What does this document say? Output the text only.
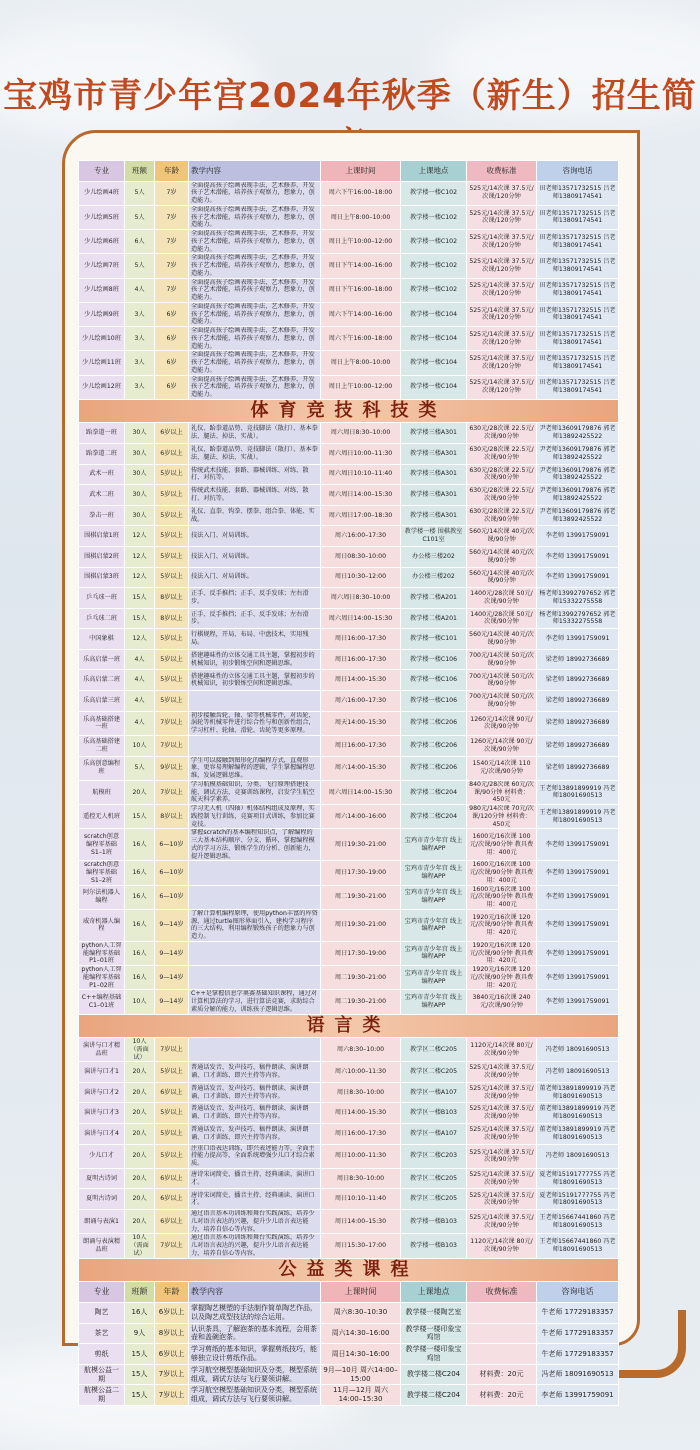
宝鸡市青少年宫2024年秋季（新生）招生简
专业	班额	年龄	教学内容	上课时间	上课地点	收费标准	咨询电话
少儿绘画4班	5人	7岁	全面提高孩子绘画表现手法，艺术修养，开发孩子艺术潜能，培养孩子观察力，想象力，创造能力。	周六下午16:00–18:00	教学楼一楼C102	525元/14次课 37.5元/次课/120分钟	田老师13571732515 吕老师13809174541
少儿绘画5班	5人	7岁	全面提高孩子绘画表现手法，艺术修养，开发孩子艺术潜能，培养孩子观察力，想象力，创造能力。	周日上午8:00–10:00	教学楼一楼C102	525元/14次课 37.5元/次课/120分钟	田老师13571732515 吕老师13809174541
少儿绘画6班	6人	7岁	全面提高孩子绘画表现手法，艺术修养，开发孩子艺术潜能，培养孩子观察力，想象力，创造能力。	周日上午10:00–12:00	教学楼一楼C102	525元/14次课 37.5元/次课/120分钟	田老师13571732515 吕老师13809174541
少儿绘画7班	5人	7岁	全面提高孩子绘画表现手法，艺术修养，开发孩子艺术潜能，培养孩子观察力，想象力，创造能力。	周日下午14:00–16:00	教学楼一楼C102	525元/14次课 37.5元/次课/120分钟	田老师13571732515 吕老师13809174541
少儿绘画8班	4人	7岁	全面提高孩子绘画表现手法，艺术修养，开发孩子艺术潜能，培养孩子观察力，想象力，创造能力。	周日下午16:00–18:00	教学楼一楼C102	525元/14次课 37.5元/次课/120分钟	田老师13571732515 吕老师13809174541
少儿绘画9班	3人	6岁	全面提高孩子绘画表现手法，艺术修养，开发孩子艺术潜能，培养孩子观察力，想象力，创造能力。	周六下午14:00–16:00	教学楼一楼C104	525元/14次课 37.5元/次课/120分钟	田老师13571732515 吕老师13809174541
少儿绘画10班	3人	6岁	全面提高孩子绘画表现手法，艺术修养，开发孩子艺术潜能，培养孩子观察力，想象力，创造能力。	周六下午16:00–18:00	教学楼一楼C104	525元/14次课 37.5元/次课/120分钟	田老师13571732515 吕老师13809174541
少儿绘画11班	3人	6岁	全面提高孩子绘画表现手法，艺术修养，开发孩子艺术潜能，培养孩子观察力，想象力，创造能力。	周日上午8:00–10:00	教学楼一楼C104	525元/14次课 37.5元/次课/120分钟	田老师13571732515 吕老师13809174541
少儿绘画12班	3人	6岁	全面提高孩子绘画表现手法，艺术修养，开发孩子艺术潜能，培养孩子观察力，想象力，创造能力。	周日上午10:00–12:00	教学楼一楼C104	525元/14次课 37.5元/次课/120分钟	田老师13571732515 吕老师13809174541
体育竞技科技类							
跆拳道一班	30人	6岁以上	礼仪、跆拳道品势、竞技脚法（散打）、基本拳法、腿法、掉法、实战）。	周六周日8:30–10:00	教学楼三楼A301	630元/28次课 22.5元/次课/90分钟	尹老师13609179876 郭老师13892425522
跆拳道二班	30人	6岁以上	礼仪、跆拳道品势、竞技脚法（散打）、基本拳法、腿法、掉法、实战）。	周六周日10:00–11:30	教学楼三楼A301	630元/28次课 22.5元/次课/90分钟	尹老师13609179876 郭老师13892425522
武术一班	30人	5岁以上	传统武术技能、套路、器械训练、对练、散打、对抗等。	周六周日10:10–11:40	教学楼三楼A301	630元/28次课 22.5元/次课/90分钟	尹老师13609179876 郭老师13892425522
武术二班	30人	5岁以上	传统武术技能、套路、器械训练、对练、散打、对抗等。	周六周日14:00–15:30	教学楼三楼A301	630元/28次课 22.5元/次课/90分钟	尹老师13609179876 郭老师13892425522
拳击一班	30人	5岁以上	礼仪、直拳、钩拳、摆拳、组合拳、体能、实战。	周六周日17:00–18:30	教学楼三楼A301	630元/28次课 22.5元/次课/90分钟	尹老师13609179876 郭老师13892425522
围棋启蒙1班	12人	5岁以上	技法入门、对局训练。	周六16:00–17:30	教学楼一楼 围棋教室C101室	560元/14次课 40元/次课/90分钟	李老师 13991759091
围棋启蒙2班	12人	5岁以上	技法入门、对局训练。	周日08:30–10:00	办公楼三楼202	560元/14次课 40元/次课/90分钟	李老师 13991759091
围棋启蒙3班	12人	5岁以上	技法入门、对局训练。	周日10:30–12:00	办公楼三楼202	560元/14次课 40元/次课/90分钟	李老师 13991759091
乒乓球一班	15人	8岁以上	正手、反手推挡；正手、反手发球；左右滑步。	周六周日8:30–10:00	教学楼二楼A201	1400元/28次课 50元/次课/90分钟	杨老师13992797652 郭老师15332275558
乒乓球二班	15人	8岁以上	正手、反手推挡；正手、反手发球；左右滑步。	周六周日14:00–15:30	教学楼二楼A201	1400元/28次课 50元/次课/90分钟	杨老师13992797652 郭老师15332275558
中国象棋	12人	5岁以上	行棋规程，开局、布局、中盘技术，实用残局。	周日16:00–17:30	教学楼一楼C101	560元/14次课 40元/次课/90分钟	李老师 13991759091
乐高启蒙一班	4人	5岁以上	搭建趣味性的立体交通工具主题，掌握初步的机械知识，初步锻炼空间和逻辑思维。	周日16:00–17:30	教学楼一楼C106	700元/14次课 50元/次课/90分钟	梁老师 18992736689
乐高启蒙二班	4人	5岁以上	搭建趣味性的立体交通工具主题，掌握初步的机械知识，初步锻炼空间和逻辑思维。	周日14:00–15:30	教学楼一楼C106	700元/14次课 50元/次课/90分钟	梁老师 18992736689
乐高启蒙三班	4人	5岁以上		周六16:00–17:30	教学楼一楼C106	700元/14次课 50元/次课/90分钟	梁老师 18992736689
乐高基础搭建一班	4人	7岁以上	初步接触齿轮、轴、梁等机械零件，对齿轮、涡轮等机械零件进行综合性与和创新性组合，学习杠杆、轮轴、滑轮、齿轮等更多原理。	周天14:00–15:30	教学楼二楼C206	1260元/14次课 90元/次课/90分钟	梁老师 18992736689
乐高基础搭建二班	10人	7岁以上		周日16:00–17:30	教学楼二楼C206	1260元/14次课 90元/次课/90分钟	梁老师 18992736689
乐高创意编程班	5人	9岁以上	学生可以接触到图形化的编程方式，直观形象，更容易理解编程的逻辑，学生掌握编程思维，发展逻辑思维。	周六14:00–15:30	教学楼二楼C206	1540元/14次课 110元/次课/90分钟	梁老师 18992736689
航模班	20人	7岁以上	学习航模基础知识，分类、飞行原理搭建技能，调试方法，竞赛训练课程，启发学生航空航天科学素养。	周六周日14:00–15:30	教学楼二楼C204	840元/28次课 60元/次课/90分钟 材料费：450元	王老师13891899919 冯老师18091690513
遥控无人机班	15人	8岁以上	学习无人机（四轴）机体结构组成及原理，实践控制飞行训练，竞赛项目式训练，参加比赛竞技。	周六14:00–16:00	教学楼二楼C204	980元/14次课 70元/次课/120分钟 材料费：450元	王老师13891899919 冯老师18091690513
scratch创意编程零基础S1–1班	16人	6—10岁	掌握scratch的基本编程知识点，了解编程的三大基本结构顺序、分支、循环，掌握编程模式的学习方法，锻炼学生的分析、创新能力，提升逻辑思维。	周日19:30–21:00	宝鸡市青少年宫 线上编程APP	1600元/16次课 100元/次课/90分钟 教具费用：400元	李老师 13991759091
scratch创意编程零基础S1–2班	16人	6—10岁		周日17:30–19:00	宝鸡市青少年宫 线上编程APP	1600元/16次课 100元/次课/90分钟 教具费用：400元	李老师 13991759091
阿尔法机器人编程	16人	6—10岁		周二19:30–21:00	宝鸡市青少年宫 线上编程APP	1600元/16次课 100元/次课/90分钟 教具费用：400元	李老师 13991759091
威奇机器人编程	16人	9—14岁	了解计算机编程原理，使用python丰富的库资源，通过turtle图形界面引入，建构学习程序的三大结构，利用编程锻炼孩子的想象力与创造力。	周日19:30–21:00	宝鸡市青少年宫 线上编程APP	1920元/16次课 120元/次课/90分钟 教具费用：420元	李老师 13991759091
python人工智能编程零基础P1–01班	16人	9—14岁		周日17:30–19:00	宝鸡市青少年宫 线上编程APP	1920元/16次课 120元/次课/90分钟 教具费用：420元	李老师 13991759091
python人工智能编程零基础P1–02班	16人	9—14岁		周二19:30–21:00	宝鸡市青少年宫 线上编程APP	1920元/16次课 120元/次课/90分钟 教具费用：420元	李老师 13991759091
C++编程基础C1–01班	10人	9—14岁	C++是掌握信息学奥赛基础知识课程，通过对计算机算法的学习，进行算法竞赛，求助综合素质分解的能力，训练孩子逻辑思维。	周二19:30–21:00	宝鸡市青少年宫 线上编程APP	3840元/16次课 240元/次课/90分钟	李老师 13991759091
语言类							
演讲与口才精品班	10人（需面试）	7岁以上		周六8:30–10:00	教学区二楼C205	1120元/14次课 80元/次课/90分钟	冯老师 18091690513
演讲与口才1	20人	5岁以上	普通话发音、发声技巧、稿件朗读、演讲朗诵、口才训练、即兴主持等内容。	周六10:00–11:30	教学区二楼C205	525元/14次课 37.5元/次课/90分钟	冯老师 18091690513
演讲与口才2	20人	6岁以上	普通话发音、发声技巧、稿件朗读、演讲朗诵、口才训练、即兴主持等内容。	周日8:30–10:00	教学区一楼A107	525元/14次课 37.5元/次课/90分钟	董老师13891899919 冯老师18091690513
演讲与口才3	20人	5岁以上	普通话发音、发声技巧、稿件朗读、演讲朗诵、口才训练、即兴主持等内容。	周日14:00–15:30	教学区一楼B103	525元/14次课 37.5元/次课/90分钟	董老师13891899919 冯老师18091690513
演讲与口才4	20人	5岁以上	普通话发音、发声技巧、稿件朗读、演讲朗诵、口才训练、即兴主持等内容。	周日16:00–17:30	教学区一楼A107	525元/14次课 37.5元/次课/90分钟	董老师13891899919 冯老师18091690513
少儿口才	20人	5岁以上	注重口语表达训练，即兴表述能力等，全面主持能力提高等，全面系统增强少儿口才综合素质。	周日10:00–11:30	教学区二楼C203	525元/14次课 37.5元/次课/90分钟	冯老师 18091690513
夏明古诗词	20人	6岁以上	唐诗宋词简史、播音主持、经典诵读、演讲口才。	周日8:30–10:00	教学区二楼C205	525元/14次课 37.5元/次课/90分钟	夏老师15191777755 冯老师18091690513
夏明古诗词	20人	6岁以上	唐诗宋词简史、播音主持、经典诵读、演讲口才。	周日10:10–11:40	教学区二楼C205	525元/14次课 37.5元/次课/90分钟	夏老师15191777755 冯老师18091690513
朗诵与表演1	20人	6岁以上	通过语言基本功训练和舞台实践演练，培养少儿对语言表达的兴趣，提升少儿语言表达能力，培养自信心等内容。	周日14:00–15:30	教学楼一楼B103	525元/14次课 37.5元/次课/90分钟	王老师15667441860 冯老师18091690513
朗诵与表演精品班	10人（需面试）	7岁以上	通过语言基本功训练和舞台实践演练，培养少儿对语言表达的兴趣，提升少儿语言表达能力，培养自信心等内容。	周日15:30–17:00	教学楼一楼B103	1120元/14次课 80元/次课/90分钟	王老师15667441860 冯老师18091690513
公益类课程							
专业	班额	年龄	教学内容	上课时间	上课地点	收费标准	咨询电话
陶艺	16人	6岁以上	掌握陶艺模塑的手法制作简单陶艺作品，以及陶艺成型技法的综合运用。	周六8:30–10:30	教学楼一楼陶艺室		牛老师 17729183357
茶艺	9人	8岁以上	认识茶具，了解泡茶的基本流程，会用茶壶和盖碗泡茶。	周六14:30–16:00	教学楼一楼印象宝鸡馆		牛老师 17729183357
剪纸	15人	6岁以上	学习剪纸的基本知识，掌握剪纸技巧，能够独立设计剪纸作品。	周日14:30–16:00	教学楼一楼印象宝鸡馆		牛老师 17729183357
航模公益一期	15人	7岁以上	学习航空模型基础知识及分类，模型系统组成，调试方法与飞行要领讲解。	9月—10月 周六14:00–15:00	教学楼二楼C204	材料费：20元	冯老师 18091690513
航模公益二期	15人	7岁以上	学习航空模型基础知识及分类，模型系统组成，调试方法与飞行要领讲解。	11月—12月 周六14:00–15:30	教学楼二楼C204	材料费：20元	李老师 13991759091
